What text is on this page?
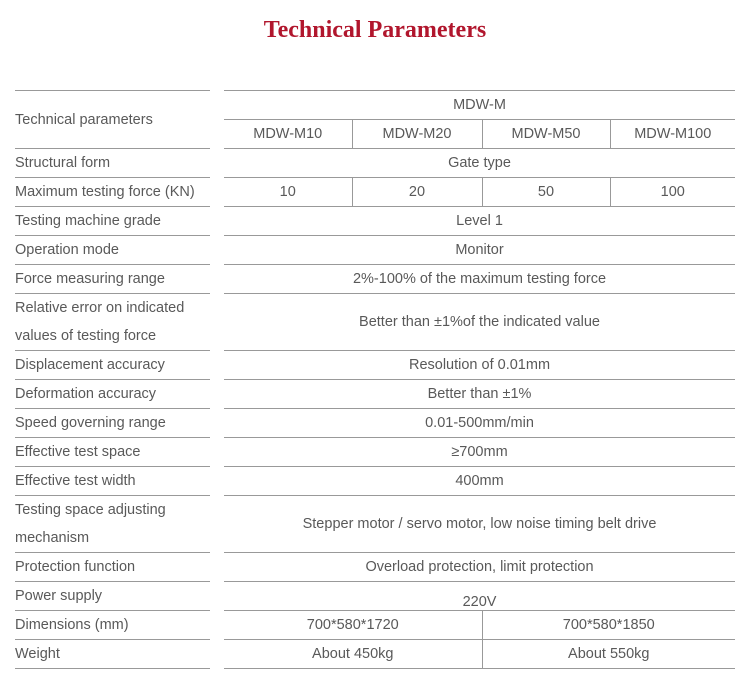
Technical Parameters
Technical parameters		MDW-M			
		MDW-M10	MDW-M20	MDW-M50	MDW-M100
Structural form		Gate type			
Maximum testing force (KN)		10	20	50	100
Testing machine grade		Level 1			
Operation mode		Monitor			
Force measuring range		2%-100% of the maximum testing force			
Relative error on indicated values of testing force		Better than ±1%of the indicated value			
Displacement accuracy		Resolution of 0.01mm			
Deformation accuracy		Better than ±1%			
Speed governing range		0.01-500mm/min			
Effective test space		≥700mm			
Effective test width		400mm			
Testing space adjusting mechanism		Stepper motor / servo motor, low noise timing belt drive			
Protection function		Overload protection, limit protection			
Power supply		220V			
Dimensions (mm)		700*580*1720		700*580*1850	
Weight		About 450kg		About 550kg	
